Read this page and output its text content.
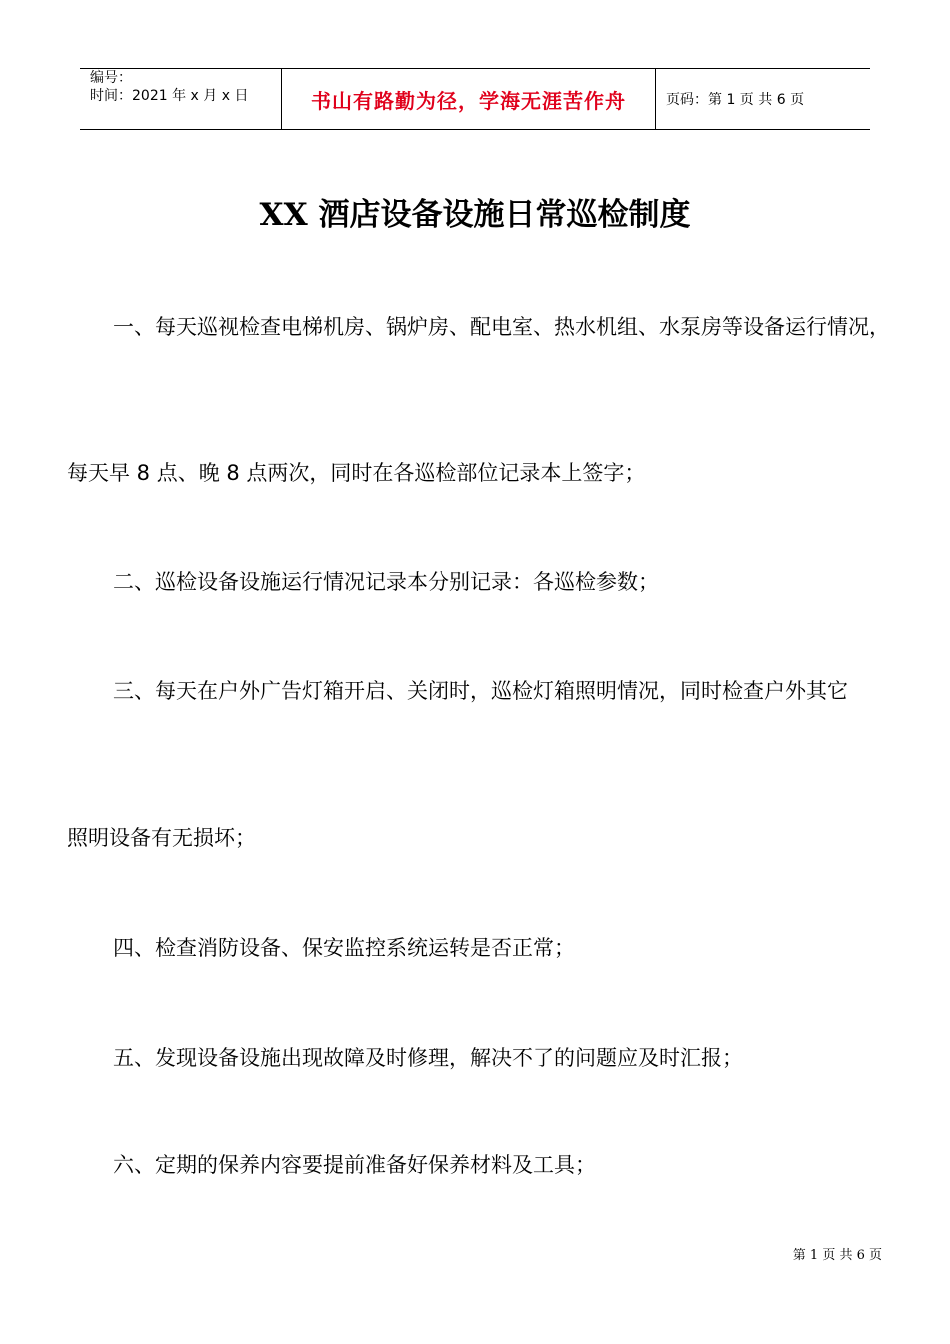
编号：
时间：2021 年 x 月 x 日	书山有路勤为径，学海无涯苦作舟	页码：第 1 页 共 6 页
XX 酒店设备设施日常巡检制度
一、每天巡视检查电梯机房、锅炉房、配电室、热水机组、水泵房等设备运行情况，
每天早 8 点、晚 8 点两次，同时在各巡检部位记录本上签字；
二、巡检设备设施运行情况记录本分别记录：各巡检参数；
三、每天在户外广告灯箱开启、关闭时，巡检灯箱照明情况，同时检查户外其它
照明设备有无损坏；
四、检查消防设备、保安监控系统运转是否正常；
五、发现设备设施出现故障及时修理，解决不了的问题应及时汇报；
六、定期的保养内容要提前准备好保养材料及工具；
第 1 页 共 6 页
